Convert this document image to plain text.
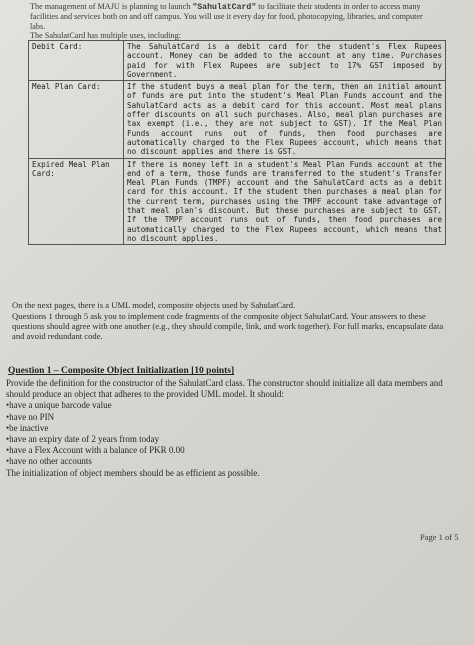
The management of MAJU is planning to launch "SahulatCard" to facilitate their students in order to access many facilities and services both on and off campus. You will use it every day for food, photocopying, libraries, and computer labs.
The SahulatCard has multiple uses, including:
Debit Card:	The SahulatCard is a debit card for the student's Flex Rupees account. Money can be added to the account at any time. Purchases paid for with Flex Rupees are subject to 17% GST imposed by Government.
Meal Plan Card:	If the student buys a meal plan for the term, then an initial amount of funds are put into the student's Meal Plan Funds account and the SahulatCard acts as a debit card for this account. Most meal plans offer discounts on all such purchases. Also, meal plan purchases are tax exempt (i.e., they are not subject to GST). If the Meal Plan Funds account runs out of funds, then food purchases are automatically charged to the Flex Rupees account, which means that no discount applies and there is GST.
Expired Meal Plan Card:	If there is money left in a student's Meal Plan Funds account at the end of a term, those funds are transferred to the student's Transfer Meal Plan Funds (TMPF) account and the SahulatCard acts as a debit card for this account. If the student then purchases a meal plan for the current term, purchases using the TMPF account take advantage of that meal plan's discount. But these purchases are subject to GST. If the TMPF account runs out of funds, then food purchases are automatically charged to the Flex Rupees account, which means that no discount applies.
On the next pages, there is a UML model, composite objects used by SahulatCard.
Questions 1 through 5 ask you to implement code fragments of the composite object SahulatCard. Your answers to these questions should agree with one another (e.g., they should compile, link, and work together). For full marks, encapsulate data and avoid redundant code.
Question 1 – Composite Object Initialization [10 points]
Provide the definition for the constructor of the SahulatCard class. The constructor should initialize all data members and should produce an object that adheres to the provided UML model. It should:
• have a unique barcode value
• have no PIN
• be inactive
• have an expiry date of 2 years from today
• have a Flex Account with a balance of PKR 0.00
• have no other accounts
The initialization of object members should be as efficient as possible.
Page 1 of 5
